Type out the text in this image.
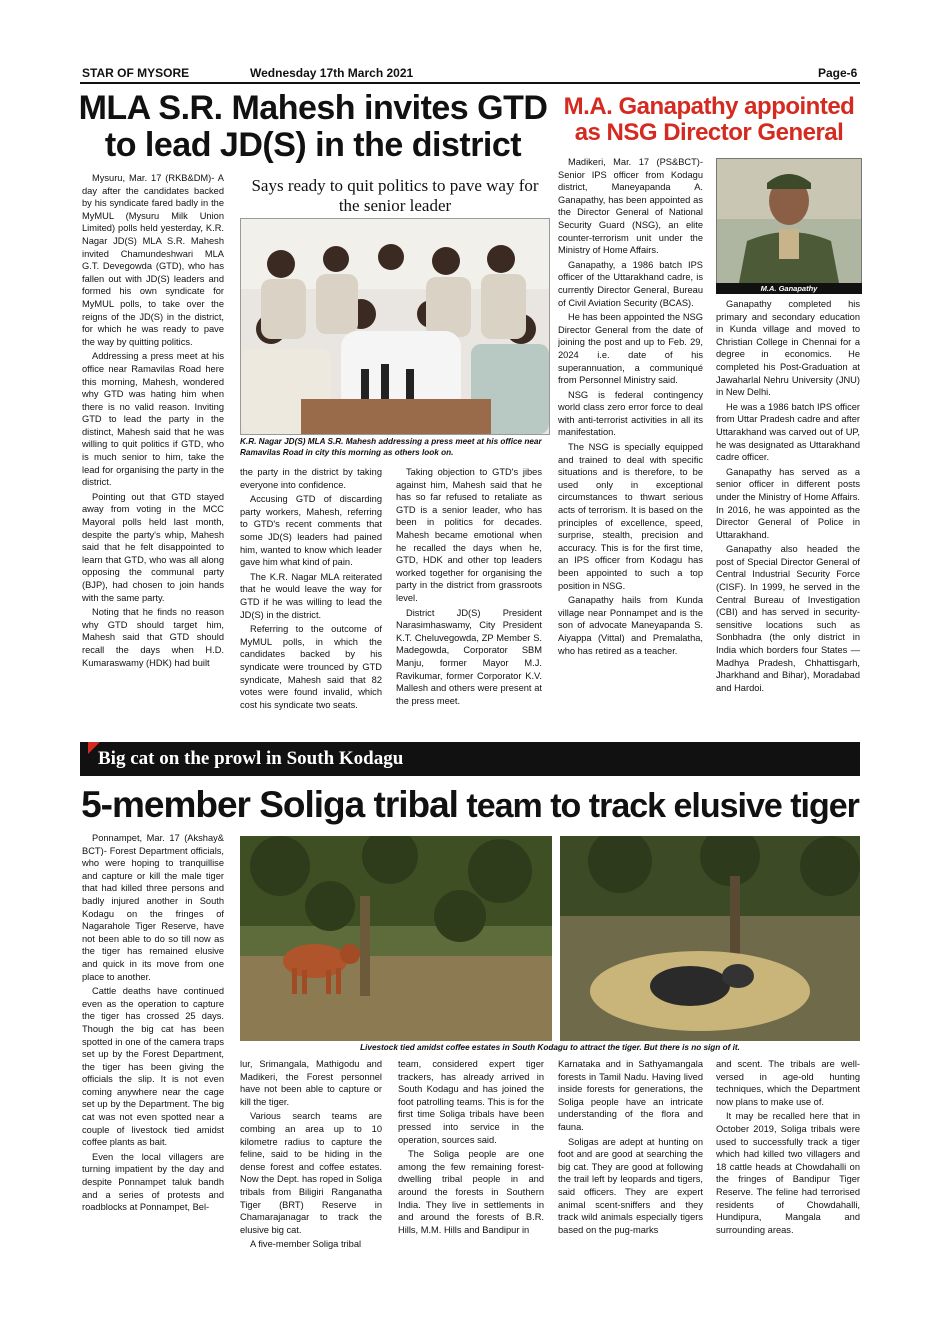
STAR OF MYSORE	Wednesday 17th March 2021	Page-6
MLA S.R. Mahesh invites GTD
to lead JD(S) in the district

Mysuru, Mar. 17 (RKB&DM)- A day after the candidates backed by his syndicate fared badly in the MyMUL (Mysuru Milk Union Limited) polls held yesterday, K.R. Nagar JD(S) MLA S.R. Mahesh invited Chamundeshwari MLA G.T. Devegowda (GTD), who has fallen out with JD(S) leaders and formed his own syndicate for MyMUL polls, to take over the reigns of the JD(S) in the district, for which he was ready to pave the way by quitting politics.

Addressing a press meet at his office near Ramavilas Road here this morning, Mahesh, wondered why GTD was hating him when there is no valid reason. Inviting GTD to lead the party in the distinct, Mahesh said that he was willing to quit politics if GTD, who is much senior to him, take the lead for organising the party in the district.

Pointing out that GTD stayed away from voting in the MCC Mayoral polls held last month, despite the party's whip, Mahesh said that he felt disappointed to learn that GTD, who was all along opposing the communal party (BJP), had chosen to join hands with the same party.

Noting that he finds no reason why GTD should target him, Mahesh said that GTD should recall the days when H.D. Kumaraswamy (HDK) had built

Says ready to quit politics to pave way for the senior leader
K.R. Nagar JD(S) MLA S.R. Mahesh addressing a press meet at his office near Ramavilas Road in city this morning as others look on.

the party in the district by taking everyone into confidence.

Accusing GTD of discarding party workers, Mahesh, referring to GTD's recent comments that some JD(S) leaders had pained him, wanted to know which leader gave him what kind of pain.

The K.R. Nagar MLA reiterated that he would leave the way for GTD if he was willing to lead the JD(S) in the district.

Referring to the outcome of MyMUL polls, in which the candidates backed by his syndicate were trounced by GTD syndicate, Mahesh said that 82 votes were found invalid, which cost his syndicate two seats.

Taking objection to GTD's jibes against him, Mahesh said that he has so far refused to retaliate as GTD is a senior leader, who has been in politics for decades. Mahesh became emotional when he recalled the days when he, GTD, HDK and other top leaders worked together for organising the party in the district from grassroots level.

District JD(S) President Narasimhaswamy, City President K.T. Cheluvegowda, ZP Member S. Madegowda, Corporator SBM Manju, former Mayor M.J. Ravikumar, former Corporator K.V. Mallesh and others were present at the press meet.

M.A. Ganapathy appointed
as NSG Director General

Madikeri, Mar. 17 (PS&BCT)- Senior IPS officer from Kodagu district, Maneyapanda A. Ganapathy, has been appointed as the Director General of National Security Guard (NSG), an elite counter-terrorism unit under the Ministry of Home Affairs.

Ganapathy, a 1986 batch IPS officer of the Uttarakhand cadre, is currently Director General, Bureau of Civil Aviation Security (BCAS).

He has been appointed the NSG Director General from the date of joining the post and up to Feb. 29, 2024 i.e. date of his superannuation, a communiqué from Personnel Ministry said.

NSG is federal contingency world class zero error force to deal with anti-terrorist activities in all its manifestation.

The NSG is specially equipped and trained to deal with specific situations and is therefore, to be used only in exceptional circumstances to thwart serious acts of terrorism. It is based on the principles of excellence, speed, surprise, stealth, precision and accuracy. This is for the first time, an IPS officer from Kodagu has been appointed to such a top position in NSG.

Ganapathy hails from Kunda village near Ponnampet and is the son of advocate Maneyapanda S. Aiyappa (Vittal) and Premalatha, who has retired as a teacher.

M.A. Ganapathy

Ganapathy completed his primary and secondary education in Kunda village and moved to Christian College in Chennai for a degree in economics. He completed his Post-Graduation at Jawaharlal Nehru University (JNU) in New Delhi.

He was a 1986 batch IPS officer from Uttar Pradesh cadre and after Uttarakhand was carved out of UP, he was designated as Uttarakhand cadre officer.

Ganapathy has served as a senior officer in different posts under the Ministry of Home Affairs. In 2016, he was appointed as the Director General of Police in Uttarakhand.

Ganapathy also headed the post of Special Director General of Central Industrial Security Force (CISF). In 1999, he served in the Central Bureau of Investigation (CBI) and has served in security-sensitive locations such as Sonbhadra (the only district in India which borders four States — Madhya Pradesh, Chhattisgarh, Jharkhand and Bihar), Moradabad and Hardoi.

Big cat on the prowl in South Kodagu
5-member Soliga tribal team to track elusive tiger

Ponnampet, Mar. 17 (Akshay& BCT)- Forest Department officials, who were hoping to tranquillise and capture or kill the male tiger that had killed three persons and badly injured another in South Kodagu on the fringes of Nagarahole Tiger Reserve, have not been able to do so till now as the tiger has remained elusive and quick in its move from one place to another.

Cattle deaths have continued even as the operation to capture the tiger has crossed 25 days. Though the big cat has been spotted in one of the camera traps set up by the Forest Department, the tiger has been giving the officials the slip. It is not even coming anywhere near the cage set up by the Department. The big cat was not even spotted near a couple of livestock tied amidst coffee plants as bait.

Even the local villagers are turning impatient by the day and despite Ponnampet taluk bandh and a series of protests and roadblocks at Ponnampet, Bel-

Livestock tied amidst coffee estates in South Kodagu to attract the tiger. But there is no sign of it.

lur, Srimangala, Mathigodu and Madikeri, the Forest personnel have not been able to capture or kill the tiger.

Various search teams are combing an area up to 10 kilometre radius to capture the feline, said to be hiding in the dense forest and coffee estates. Now the Dept. has roped in Soliga tribals from Biligiri Ranganatha Tiger (BRT) Reserve in Chamarajanagar to track the elusive big cat.

A five-member Soliga tribal

team, considered expert tiger trackers, has already arrived in South Kodagu and has joined the foot patrolling teams. This is for the first time Soliga tribals have been pressed into service in the operation, sources said.

The Soliga people are one among the few remaining forest-dwelling tribal people in and around the forests in Southern India. They live in settlements in and around the forests of B.R. Hills, M.M. Hills and Bandipur in

Karnataka and in Sathyamangala forests in Tamil Nadu. Having lived inside forests for generations, the Soliga people have an intricate understanding of the flora and fauna.

Soligas are adept at hunting on foot and are good at searching the big cat. They are good at following the trail left by leopards and tigers, said officers. They are expert animal scent-sniffers and they track wild animals especially tigers based on the pug-marks

and scent. The tribals are well-versed in age-old hunting techniques, which the Department now plans to make use of.

It may be recalled here that in October 2019, Soliga tribals were used to successfully track a tiger which had killed two villagers and 18 cattle heads at Chowdahalli on the fringes of Bandipur Tiger Reserve. The feline had terrorised residents of Chowdahalli, Hundipura, Mangala and surrounding areas.
